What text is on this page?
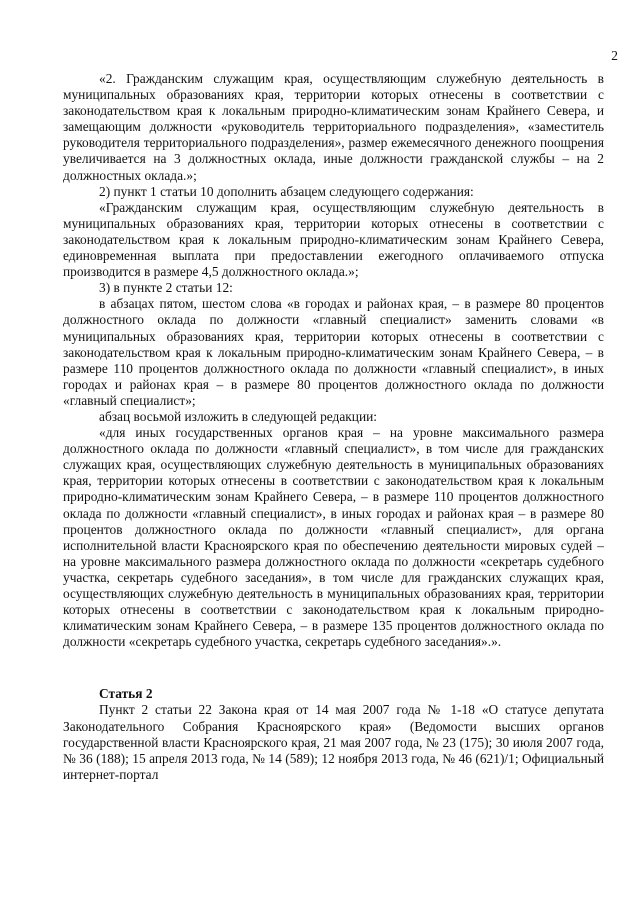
2

«2. Гражданским служащим края, осуществляющим служебную деятельность в муниципальных образованиях края, территории которых отнесены в соответствии с законодательством края к локальным природно-климатическим зонам Крайнего Севера, и замещающим должности «руководитель территориального подразделения», «заместитель руководителя территориального подразделения», размер ежемесячного денежного поощрения увеличивается на 3 должностных оклада, иные должности гражданской службы – на 2 должностных оклада.»;

2) пункт 1 статьи 10 дополнить абзацем следующего содержания:

«Гражданским служащим края, осуществляющим служебную деятельность в муниципальных образованиях края, территории которых отнесены в соответствии с законодательством края к локальным природно-климатическим зонам Крайнего Севера, единовременная выплата при предоставлении ежегодного оплачиваемого отпуска производится в размере 4,5 должностного оклада.»;

3) в пункте 2 статьи 12:

в абзацах пятом, шестом слова «в городах и районах края, – в размере 80 процентов должностного оклада по должности «главный специалист» заменить словами «в муниципальных образованиях края, территории которых отнесены в соответствии с законодательством края к локальным природно-климатическим зонам Крайнего Севера, – в размере 110 процентов должностного оклада по должности «главный специалист», в иных городах и районах края – в размере 80 процентов должностного оклада по должности «главный специалист»;

абзац восьмой изложить в следующей редакции:

«для иных государственных органов края – на уровне максимального размера должностного оклада по должности «главный специалист», в том числе для гражданских служащих края, осуществляющих служебную деятельность в муниципальных образованиях края, территории которых отнесены в соответствии с законодательством края к локальным природно-климатическим зонам Крайнего Севера, – в размере 110 процентов должностного оклада по должности «главный специалист», в иных городах и районах края – в размере 80 процентов должностного оклада по должности «главный специалист», для органа исполнительной власти Красноярского края по обеспечению деятельности мировых судей – на уровне максимального размера должностного оклада по должности «секретарь судебного участка, секретарь судебного заседания», в том числе для гражданских служащих края, осуществляющих служебную деятельность в муниципальных образованиях края, территории которых отнесены в соответствии с законодательством края к локальным природно-климатическим зонам Крайнего Севера, – в размере 135 процентов должностного оклада по должности «секретарь судебного участка, секретарь судебного заседания».».

Статья 2

Пункт 2 статьи 22 Закона края от 14 мая 2007 года № 1-18 «О статусе депутата Законодательного Собрания Красноярского края» (Ведомости высших органов государственной власти Красноярского края, 21 мая 2007 года, № 23 (175); 30 июля 2007 года, № 36 (188); 15 апреля 2013 года, № 14 (589); 12 ноября 2013 года, № 46 (621)/1; Официальный интернет-портал
